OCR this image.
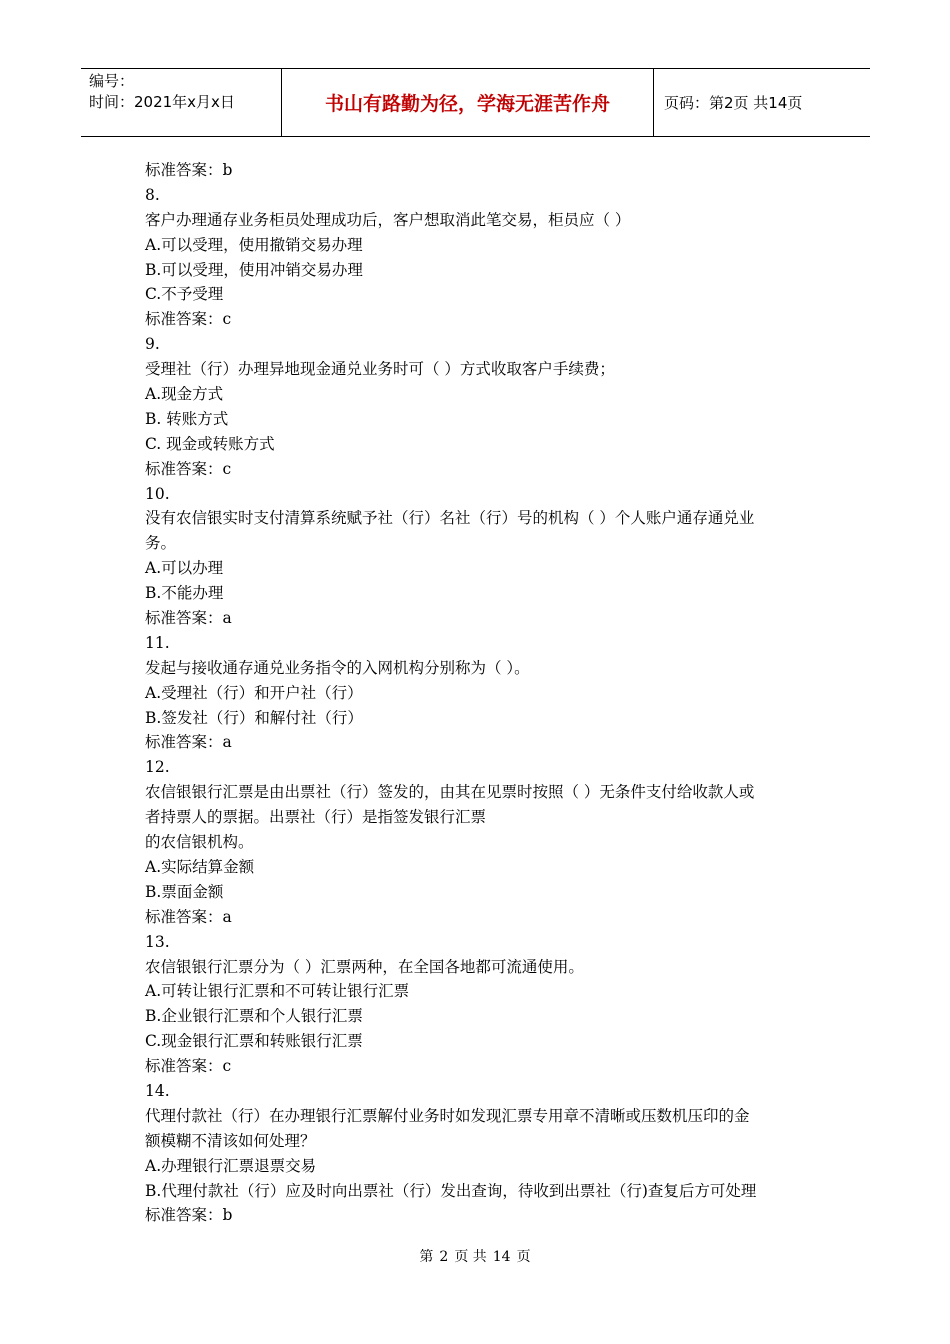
编号：
时间：2021年x月x日	书山有路勤为径，学海无涯苦作舟	页码：第2页 共14页
标准答案：b
8.
客户办理通存业务柜员处理成功后，客户想取消此笔交易，柜员应（ ）
A.可以受理，使用撤销交易办理
B.可以受理，使用冲销交易办理
C.不予受理
标准答案：c
9.
受理社（行）办理异地现金通兑业务时可（ ）方式收取客户手续费；
A.现金方式
B. 转账方式
C. 现金或转账方式
标准答案：c
10.
没有农信银实时支付清算系统赋予社（行）名社（行）号的机构（ ）个人账户通存通兑业
务。
A.可以办理
B.不能办理
标准答案：a
11.
发起与接收通存通兑业务指令的入网机构分别称为（ ）。
A.受理社（行）和开户社（行）
B.签发社（行）和解付社（行）
标准答案：a
12.
农信银银行汇票是由出票社（行）签发的，由其在见票时按照（ ）无条件支付给收款人或
者持票人的票据。出票社（行）是指签发银行汇票
的农信银机构。
A.实际结算金额
B.票面金额
标准答案：a
13.
农信银银行汇票分为（ ）汇票两种，在全国各地都可流通使用。
A.可转让银行汇票和不可转让银行汇票
B.企业银行汇票和个人银行汇票
C.现金银行汇票和转账银行汇票
标准答案：c
14.
代理付款社（行）在办理银行汇票解付业务时如发现汇票专用章不清晰或压数机压印的金
额模糊不清该如何处理？
A.办理银行汇票退票交易
B.代理付款社（行）应及时向出票社（行）发出查询，待收到出票社（行)查复后方可处理
标准答案：b
第 2 页 共 14 页
